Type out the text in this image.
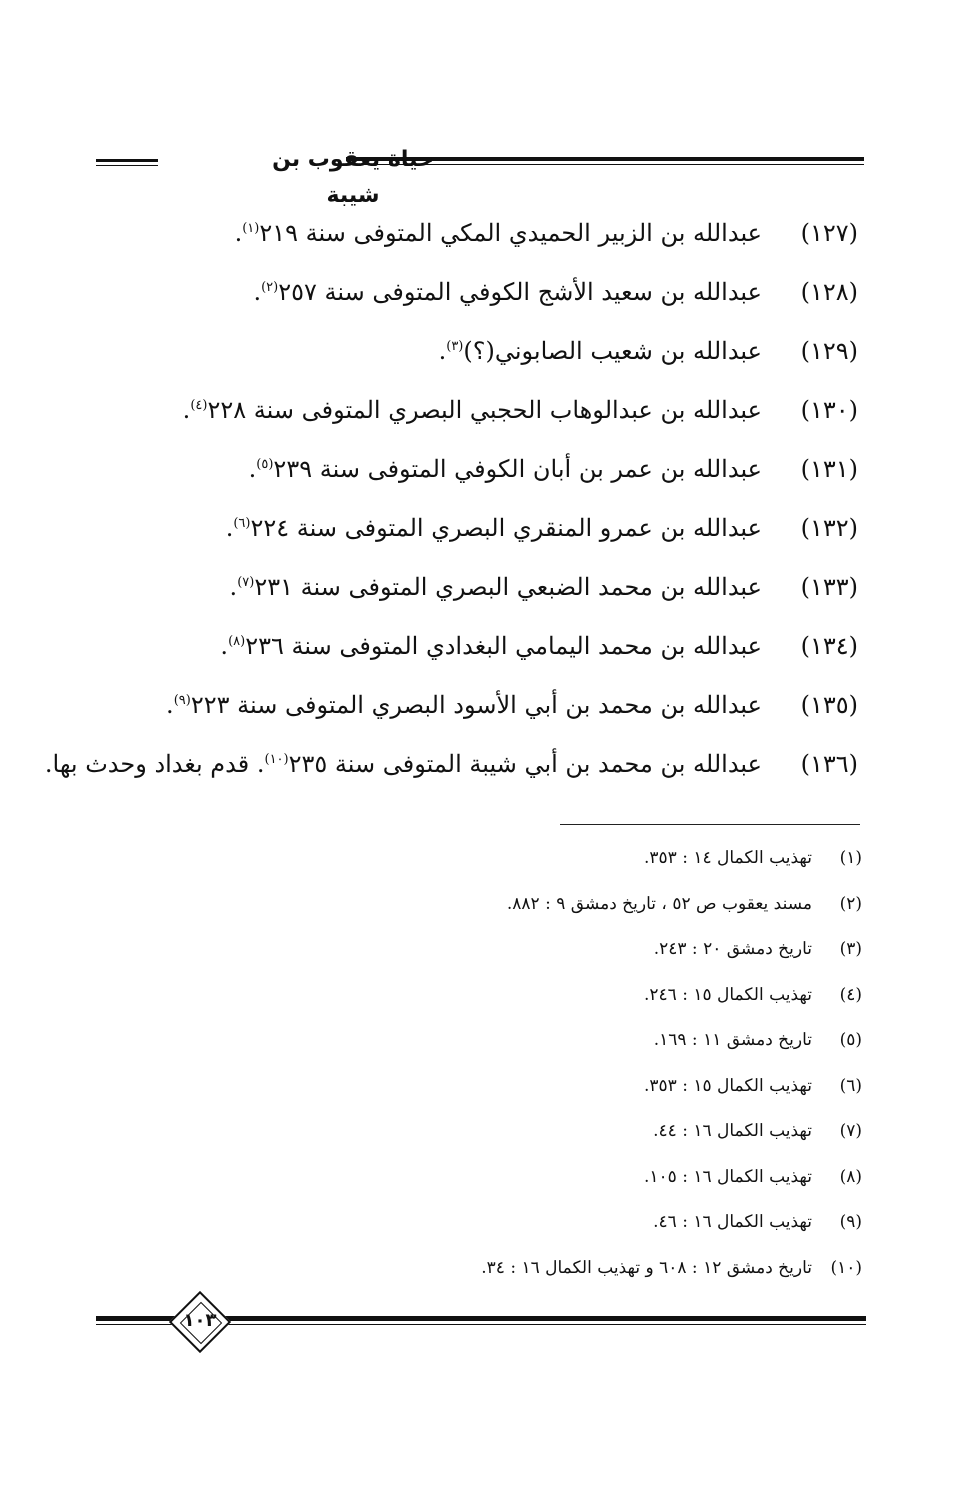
حياة يعقوب بن شيبة
(١٢٧)عبدالله بن الزبير الحميدي المكي المتوفى سنة ٢١٩$^{(١)}$.
(١٢٨)عبدالله بن سعيد الأشج الكوفي المتوفى سنة ٢٥٧$^{(٢)}$.
(١٢٩)عبدالله بن شعيب الصابوني(؟)$^{(٣)}$.
(١٣٠)عبدالله بن عبدالوهاب الحجبي البصري المتوفى سنة ٢٢٨$^{(٤)}$.
(١٣١)عبدالله بن عمر بن أبان الكوفي المتوفى سنة ٢٣٩$^{(٥)}$.
(١٣٢)عبدالله بن عمرو المنقري البصري المتوفى سنة ٢٢٤$^{(٦)}$.
(١٣٣)عبدالله بن محمد الضبعي البصري المتوفى سنة ٢٣١$^{(٧)}$.
(١٣٤)عبدالله بن محمد اليمامي البغدادي المتوفى سنة ٢٣٦$^{(٨)}$.
(١٣٥)عبدالله بن محمد بن أبي الأسود البصري المتوفى سنة ٢٢٣$^{(٩)}$.
(١٣٦)عبدالله بن محمد بن أبي شيبة المتوفى سنة ٢٣٥$^{(١٠)}$. قدم بغداد وحدث بها.
(١)تهذيب الكمال ١٤ : ٣٥٣.
(٢)مسند يعقوب ص ٥٢ ، تاريخ دمشق ٩ : ٨٨٢.
(٣)تاريخ دمشق ٢٠ : ٢٤٣.
(٤)تهذيب الكمال ١٥ : ٢٤٦.
(٥)تاريخ دمشق ١١ : ١٦٩.
(٦)تهذيب الكمال ١٥ : ٣٥٣.
(٧)تهذيب الكمال ١٦ : ٤٤.
(٨)تهذيب الكمال ١٦ : ١٠٥.
(٩)تهذيب الكمال ١٦ : ٤٦.
(١٠)تاريخ دمشق ١٢ : ٦٠٨ و تهذيب الكمال ١٦ : ٣٤.
١٠٣
